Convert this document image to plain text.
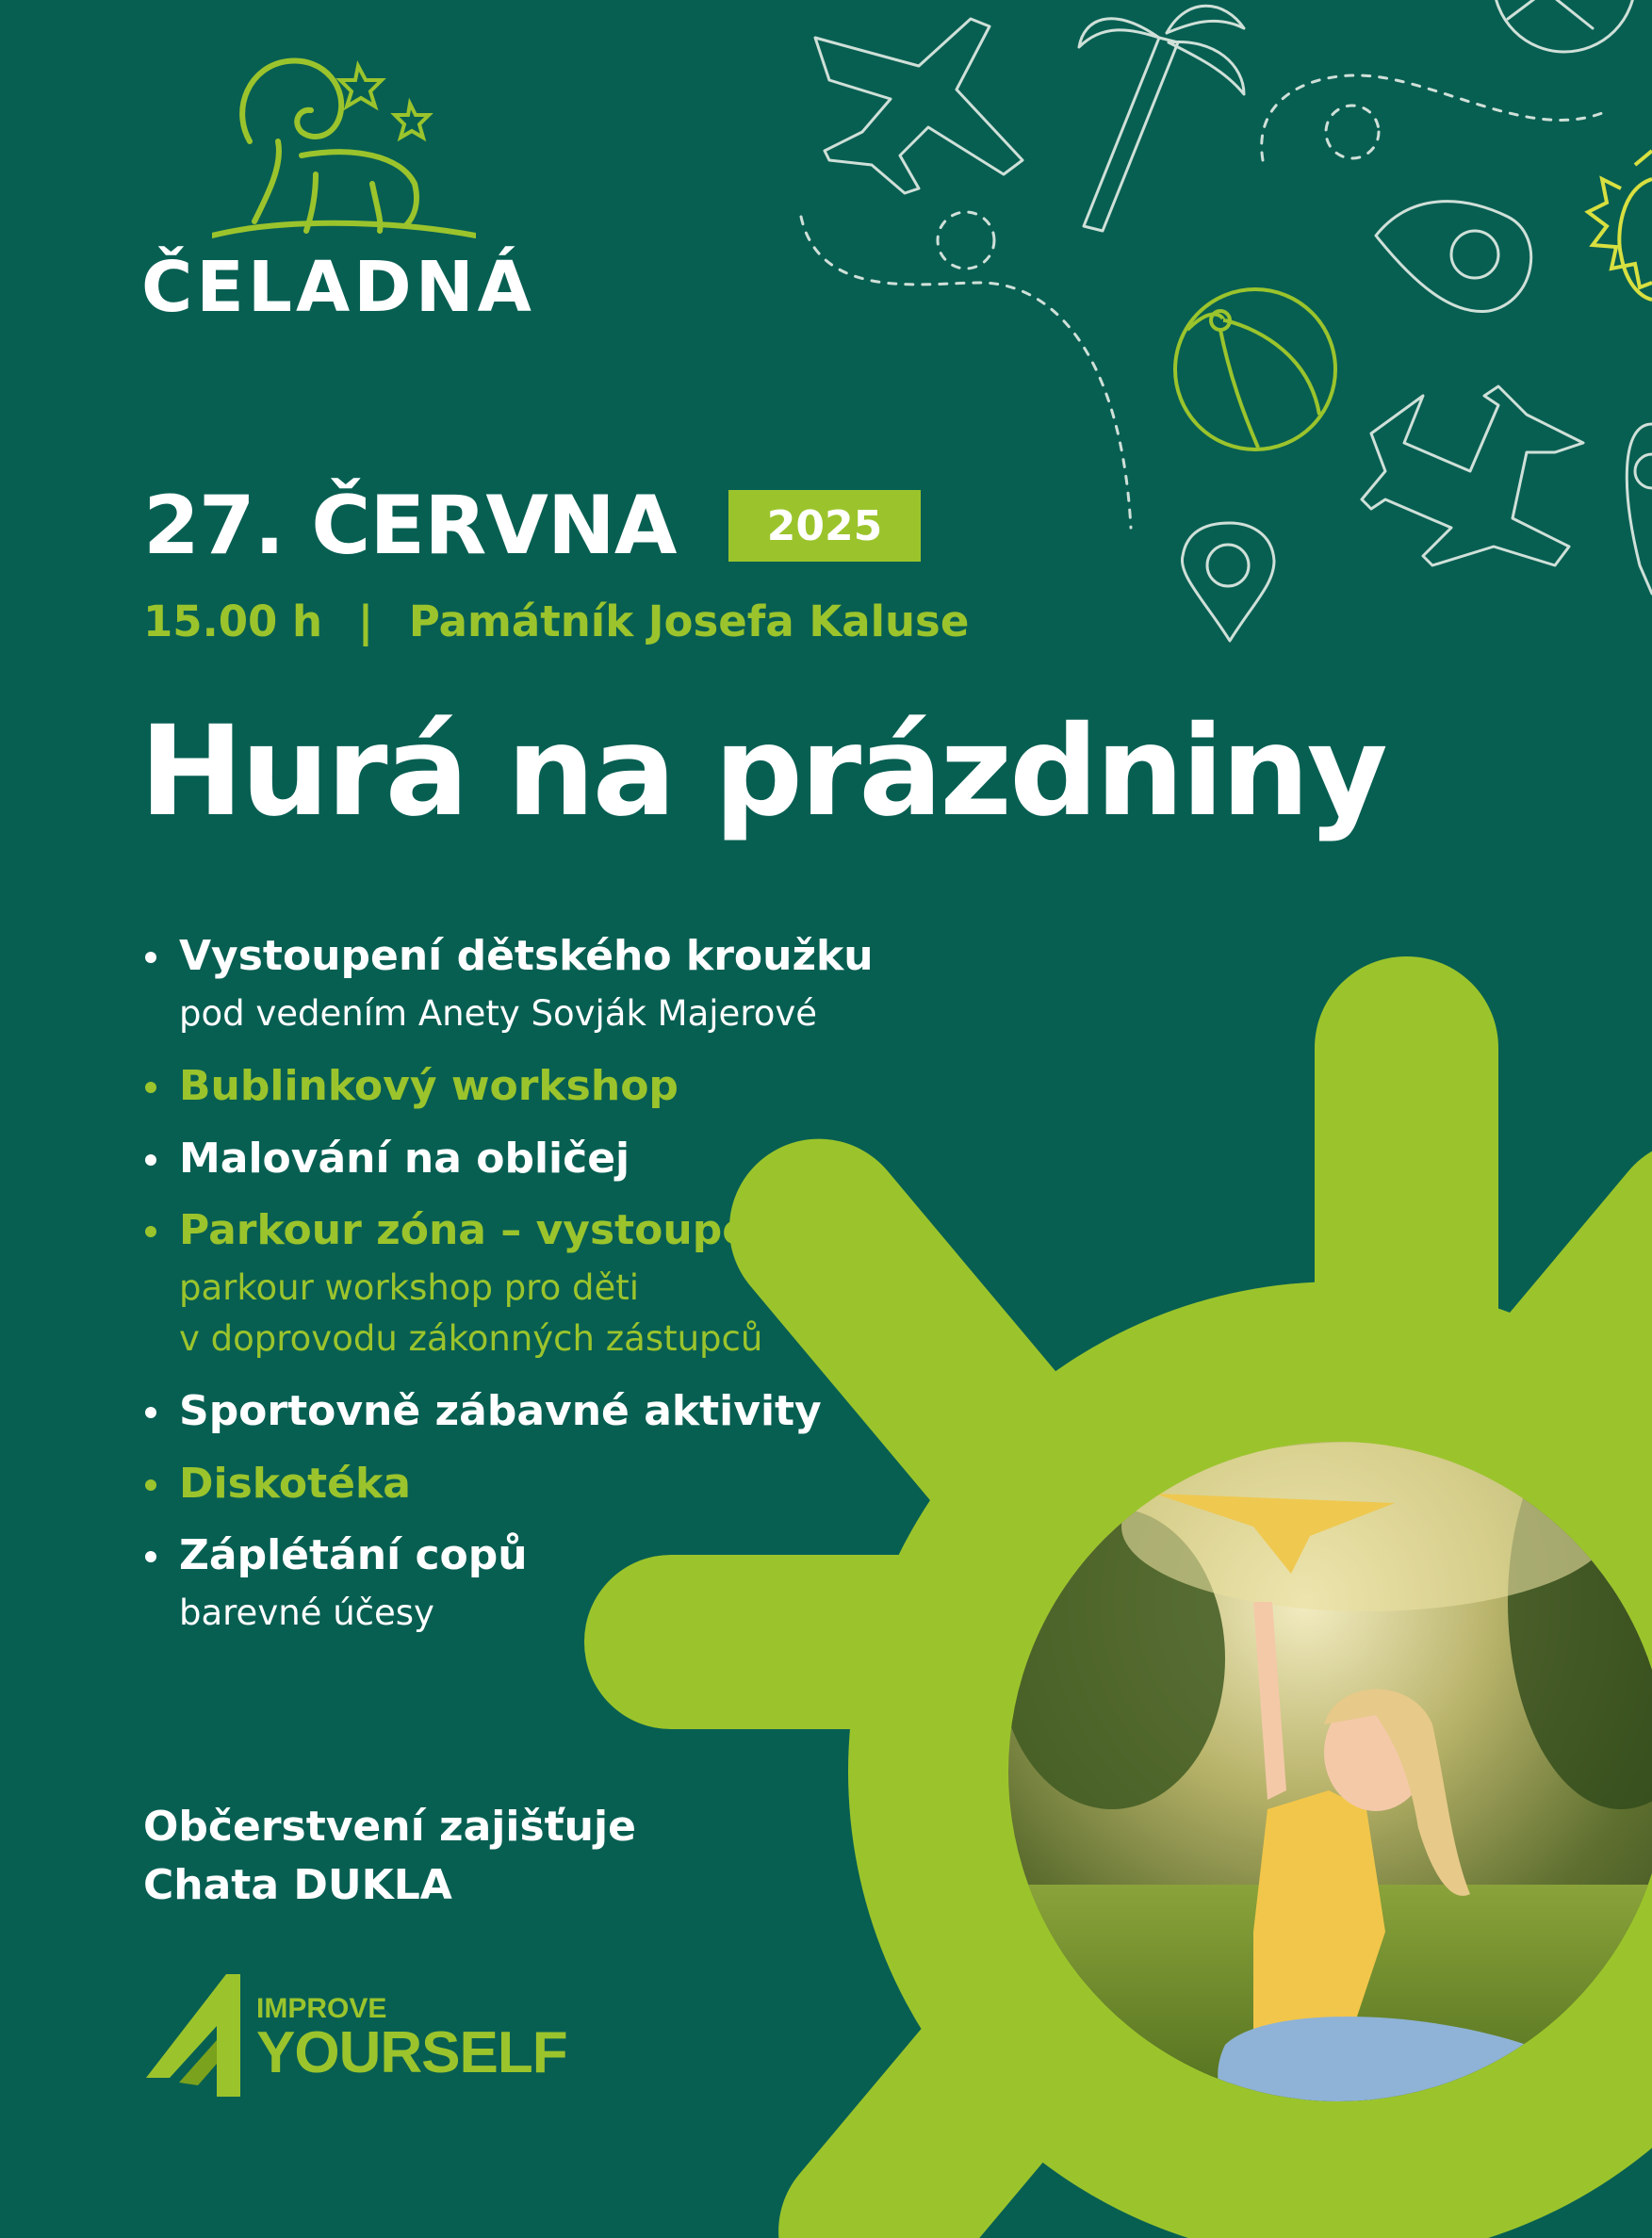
ČELADNÁ
27. ČERVNA	2025
15.00 h | Památník Josefa Kaluse
Hurá na prázdniny
Vystoupení dětského kroužku
pod vedením Anety Sovják Majerové
Bublinkový workshop
Malování na obličej
Parkour zóna – vystoupení
parkour workshop pro děti
v doprovodu zákonných zástupců
Sportovně zábavné aktivity
Diskotéka
Záplétání copů
barevné účesy
Občerstvení zajišťuje
Chata DUKLA
IMPROVE
YOURSELF
